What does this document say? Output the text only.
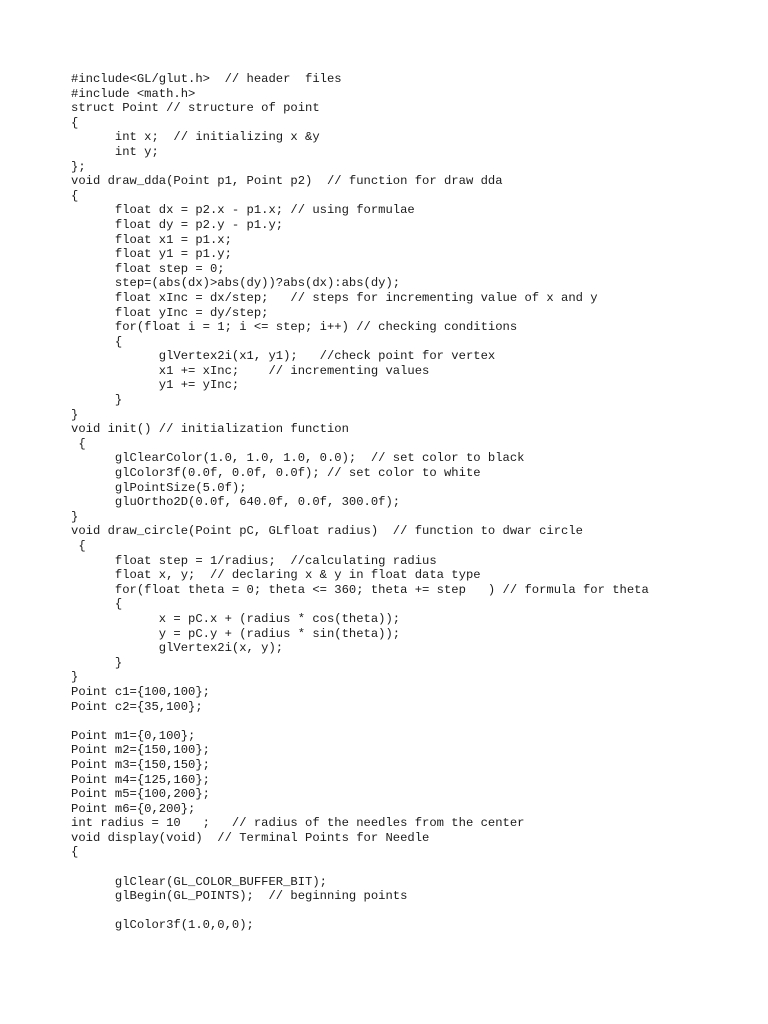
#include<GL/glut.h>  // header  files
#include <math.h>
struct Point // structure of point
{
int x;  // initializing x &y
int y;
};
void draw_dda(Point p1, Point p2)  // function for draw dda
{
float dx = p2.x - p1.x; // using formulae
float dy = p2.y - p1.y;
float x1 = p1.x;
float y1 = p1.y;
float step = 0;
step=(abs(dx)>abs(dy))?abs(dx):abs(dy);
float xInc = dx/step;   // steps for incrementing value of x and y
float yInc = dy/step;
for(float i = 1; i <= step; i++) // checking conditions
{
glVertex2i(x1, y1);   //check point for vertex
x1 += xInc;    // incrementing values
y1 += yInc;
}
}
void init() // initialization function
{
glClearColor(1.0, 1.0, 1.0, 0.0);  // set color to black
glColor3f(0.0f, 0.0f, 0.0f); // set color to white
glPointSize(5.0f);
gluOrtho2D(0.0f, 640.0f, 0.0f, 300.0f);
}
void draw_circle(Point pC, GLfloat radius)  // function to dwar circle
{
float step = 1/radius;  //calculating radius
float x, y;  // declaring x & y in float data type
for(float theta = 0; theta <= 360; theta += step   ) // formula for theta
{
x = pC.x + (radius * cos(theta));
y = pC.y + (radius * sin(theta));
glVertex2i(x, y);
}
}
Point c1={100,100};
Point c2={35,100};
Point m1={0,100};
Point m2={150,100};
Point m3={150,150};
Point m4={125,160};
Point m5={100,200};
Point m6={0,200};
int radius = 10   ;   // radius of the needles from the center
void display(void)  // Terminal Points for Needle
{
glClear(GL_COLOR_BUFFER_BIT);
glBegin(GL_POINTS);  // beginning points
glColor3f(1.0,0,0);
